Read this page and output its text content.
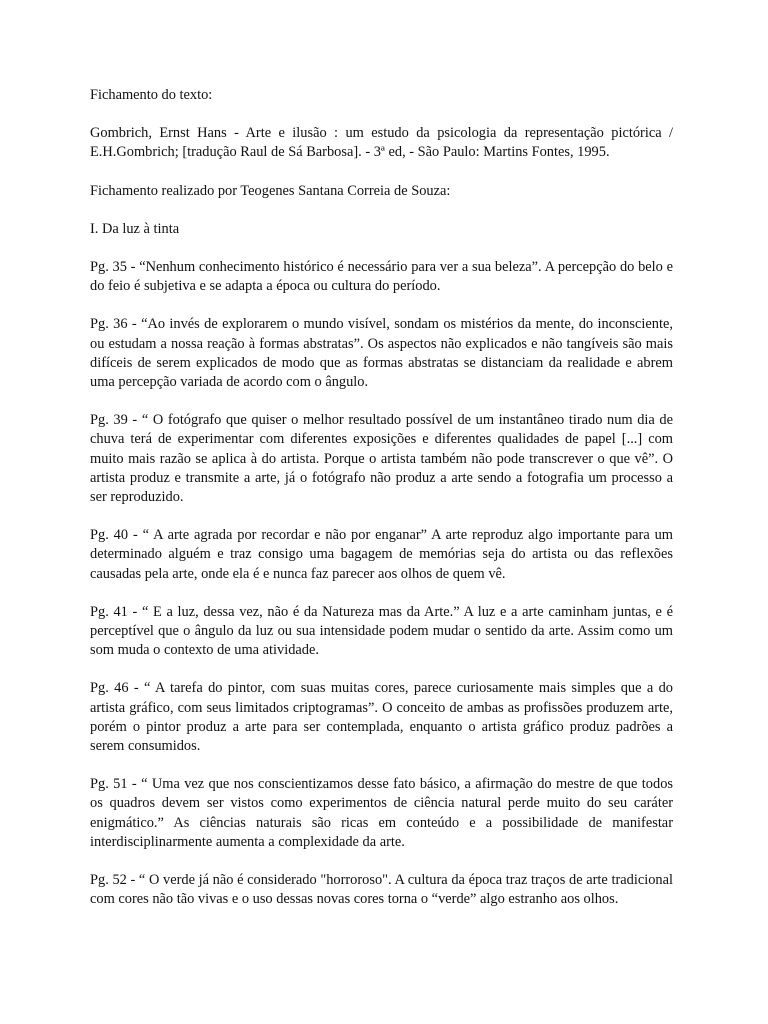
Fichamento do texto:

Gombrich, Ernst Hans - Arte e ilusão : um estudo da psicologia da representação pictórica / E.H.Gombrich; [tradução Raul de Sá Barbosa]. - 3ª ed, - São Paulo: Martins Fontes, 1995.

Fichamento realizado por Teogenes Santana Correia de Souza:

I. Da luz à tinta

Pg. 35 - “Nenhum conhecimento histórico é necessário para ver a sua beleza”. A percepção do belo e do feio é subjetiva e se adapta a época ou cultura do período.

Pg. 36 - “Ao invés de explorarem o mundo visível, sondam os mistérios da mente, do inconsciente, ou estudam a nossa reação à formas abstratas”. Os aspectos não explicados e não tangíveis são mais difíceis de serem explicados de modo que as formas abstratas se distanciam da realidade e abrem uma percepção variada de acordo com o ângulo.

Pg. 39 - “ O fotógrafo que quiser o melhor resultado possível de um instantâneo tirado num dia de chuva terá de experimentar com diferentes exposições e diferentes qualidades de papel [...] com muito mais razão se aplica à do artista. Porque o artista também não pode transcrever o que vê”. O artista produz e transmite a arte, já o fotógrafo não produz a arte sendo a fotografia um processo a ser reproduzido.

Pg. 40 - “ A arte agrada por recordar e não por enganar” A arte reproduz algo importante para um determinado alguém e traz consigo uma bagagem de memórias seja do artista ou das reflexões causadas pela arte, onde ela é e nunca faz parecer aos olhos de quem vê.

Pg. 41 - “ E a luz, dessa vez, não é da Natureza mas da Arte.” A luz e a arte caminham juntas, e é perceptível que o ângulo da luz ou sua intensidade podem mudar o sentido da arte. Assim como um som muda o contexto de uma atividade.

Pg. 46 - “ A tarefa do pintor, com suas muitas cores, parece curiosamente mais simples que a do artista gráfico, com seus limitados criptogramas”. O conceito de ambas as profissões produzem arte, porém o pintor produz a arte para ser contemplada, enquanto o artista gráfico produz padrões a serem consumidos.

Pg. 51 - “ Uma vez que nos conscientizamos desse fato básico, a afirmação do mestre de que todos os quadros devem ser vistos como experimentos de ciência natural perde muito do seu caráter enigmático.” As ciências naturais são ricas em conteúdo e a possibilidade de manifestar interdisciplinarmente aumenta a complexidade da arte.

Pg. 52 - “ O verde já não é considerado "horroroso". A cultura da época traz traços de arte tradicional com cores não tão vivas e o uso dessas novas cores torna o “verde” algo estranho aos olhos.
